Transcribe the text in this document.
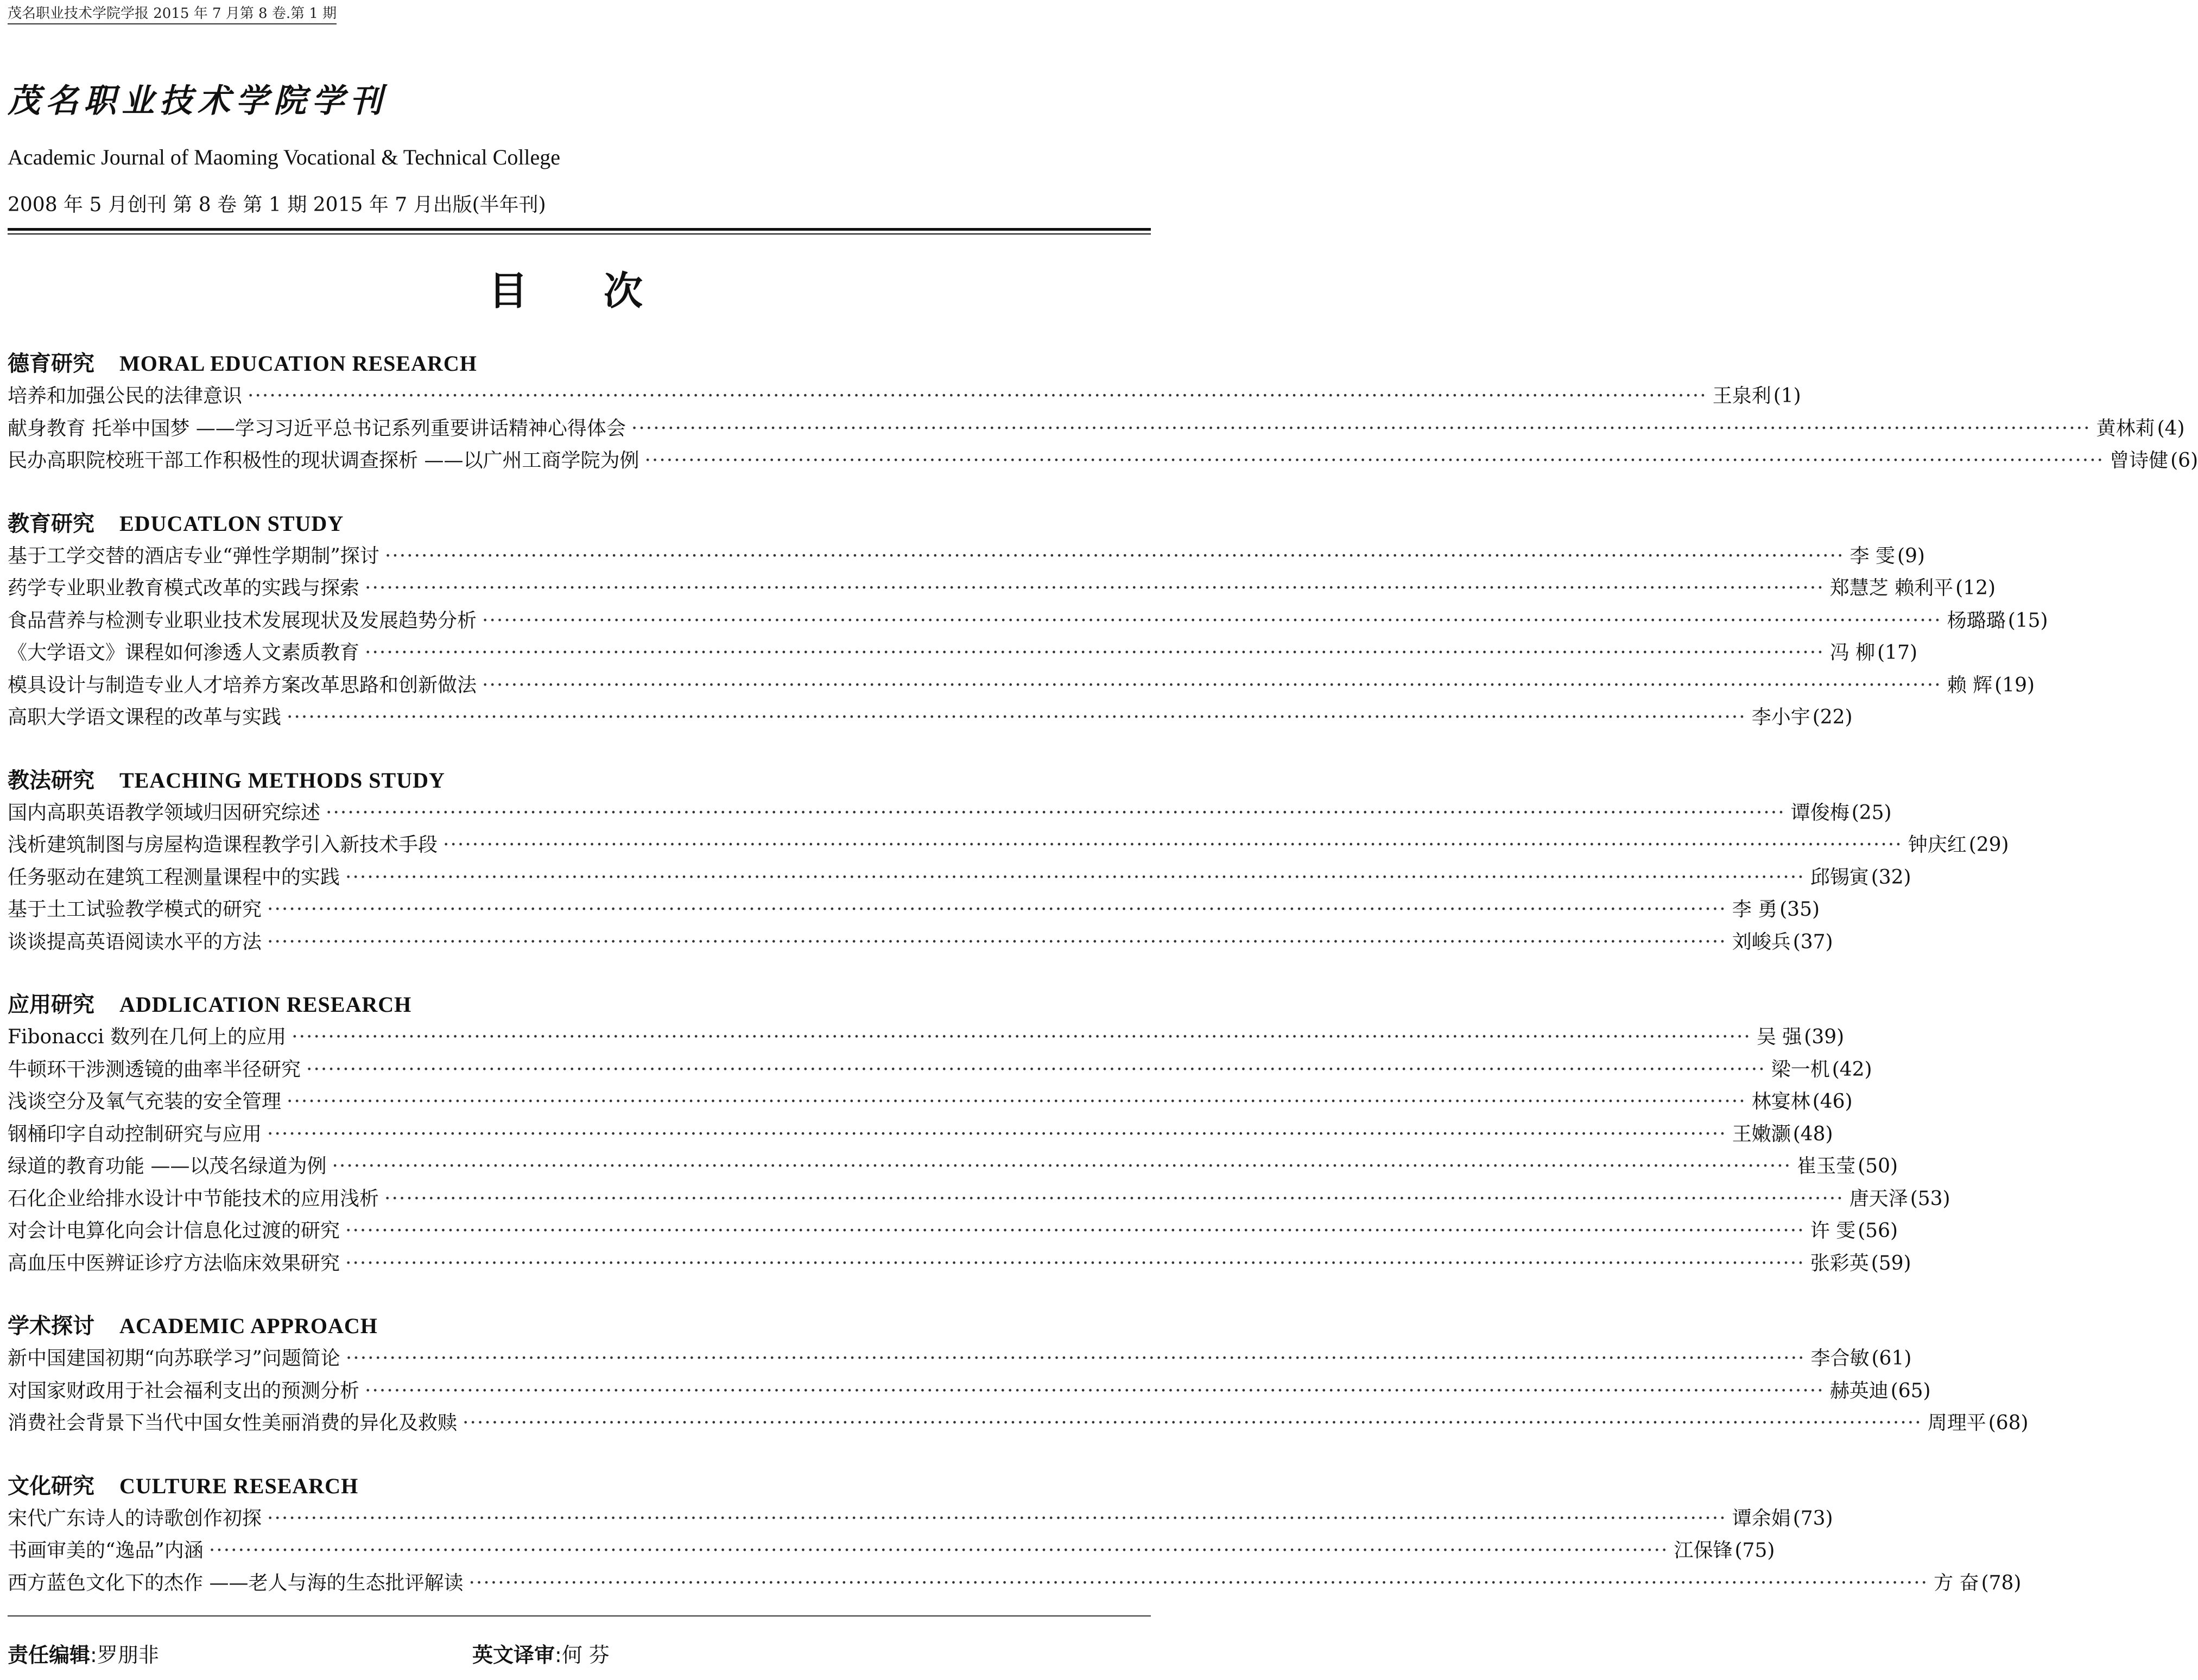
茂名职业技术学院学报 2015 年 7 月第 8 卷.第 1 期
茂名职业技术学院学刊
Academic Journal of Maoming Vocational & Technical College
2008 年 5 月创刊 第 8 卷 第 1 期 2015 年 7 月出版(半年刊)
目 次
德育研究 MORAL EDUCATION RESEARCH
培养和加强公民的法律意识 ········································································································································································································ 王泉利 (1)
献身教育 托举中国梦 ——学习习近平总书记系列重要讲话精神心得体会 ········································································································································································································ 黄林莉 (4)
民办高职院校班干部工作积极性的现状调查探析 ——以广州工商学院为例 ········································································································································································································ 曾诗健 (6)
教育研究 EDUCATLON STUDY
基于工学交替的酒店专业“弹性学期制”探讨 ········································································································································································································ 李 雯 (9)
药学专业职业教育模式改革的实践与探索 ········································································································································································································ 郑慧芝 赖利平 (12)
食品营养与检测专业职业技术发展现状及发展趋势分析 ········································································································································································································ 杨璐璐 (15)
《大学语文》课程如何渗透人文素质教育 ········································································································································································································ 冯 柳 (17)
模具设计与制造专业人才培养方案改革思路和创新做法 ········································································································································································································ 赖 辉 (19)
高职大学语文课程的改革与实践 ········································································································································································································ 李小宇 (22)
教法研究 TEACHING METHODS STUDY
国内高职英语教学领域归因研究综述 ········································································································································································································ 谭俊梅 (25)
浅析建筑制图与房屋构造课程教学引入新技术手段 ········································································································································································································ 钟庆红 (29)
任务驱动在建筑工程测量课程中的实践 ········································································································································································································ 邱锡寅 (32)
基于土工试验教学模式的研究 ········································································································································································································ 李 勇 (35)
谈谈提高英语阅读水平的方法 ········································································································································································································ 刘峻兵 (37)
应用研究 ADDLICATION RESEARCH
Fibonacci 数列在几何上的应用 ········································································································································································································ 吴 强 (39)
牛顿环干涉测透镜的曲率半径研究 ········································································································································································································ 梁一机 (42)
浅谈空分及氧气充装的安全管理 ········································································································································································································ 林宴林 (46)
钢桶印字自动控制研究与应用 ········································································································································································································ 王嫩灏 (48)
绿道的教育功能 ——以茂名绿道为例 ········································································································································································································ 崔玉莹 (50)
石化企业给排水设计中节能技术的应用浅析 ········································································································································································································ 唐天泽 (53)
对会计电算化向会计信息化过渡的研究 ········································································································································································································ 许 雯 (56)
高血压中医辨证诊疗方法临床效果研究 ········································································································································································································ 张彩英 (59)
学术探讨 ACADEMIC APPROACH
新中国建国初期“向苏联学习”问题简论 ········································································································································································································ 李合敏 (61)
对国家财政用于社会福利支出的预测分析 ········································································································································································································ 赫英迪 (65)
消费社会背景下当代中国女性美丽消费的异化及救赎 ········································································································································································································ 周理平 (68)
文化研究 CULTURE RESEARCH
宋代广东诗人的诗歌创作初探 ········································································································································································································ 谭余娟 (73)
书画审美的“逸品”内涵 ········································································································································································································ 江保锋 (75)
西方蓝色文化下的杰作 ——老人与海的生态批评解读 ········································································································································································································ 方 奋 (78)
责任编辑:罗朋非	英文译审:何 芬
